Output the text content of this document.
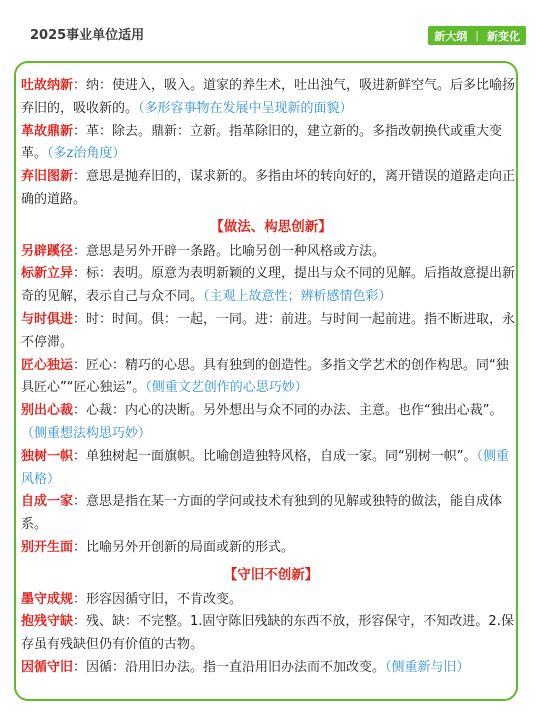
2025事业单位适用	新大纲 | 新变化

吐故纳新：纳：使进入，吸入。道家的养生术，吐出浊气，吸进新鲜空气。后多比喻扬弃旧的，吸收新的。（多形容事物在发展中呈现新的面貌）

革故鼎新：革：除去。鼎新：立新。指革除旧的，建立新的。多指改朝换代或重大变革。（多z治角度）

弃旧图新：意思是抛弃旧的，谋求新的。多指由坏的转向好的，离开错误的道路走向正确的道路。

【做法、构思创新】

另辟蹊径：意思是另外开辟一条路。比喻另创一种风格或方法。

标新立异：标：表明。原意为表明新颖的义理，提出与众不同的见解。后指故意提出新奇的见解，表示自己与众不同。（主观上故意性；辨析感情色彩）

与时俱进：时：时间。俱：一起，一同。进：前进。与时间一起前进。指不断进取，永不停滞。

匠心独运：匠心：精巧的心思。具有独到的创造性。多指文学艺术的创作构思。同“独具匠心”“匠心独运”。（侧重文艺创作的心思巧妙）

别出心裁：心裁：内心的决断。另外想出与众不同的办法、主意。也作“独出心裁”。（侧重想法构思巧妙）

独树一帜：单独树起一面旗帜。比喻创造独特风格，自成一家。同“别树一帜”。（侧重风格）

自成一家：意思是指在某一方面的学问或技术有独到的见解或独特的做法，能自成体系。

别开生面：比喻另外开创新的局面或新的形式。

【守旧不创新】

墨守成规：形容因循守旧，不肯改变。

抱残守缺：残、缺：不完整。1.固守陈旧残缺的东西不放，形容保守，不知改进。2.保存虽有残缺但仍有价值的古物。

因循守旧：因循：沿用旧办法。指一直沿用旧办法而不加改变。（侧重新与旧）
